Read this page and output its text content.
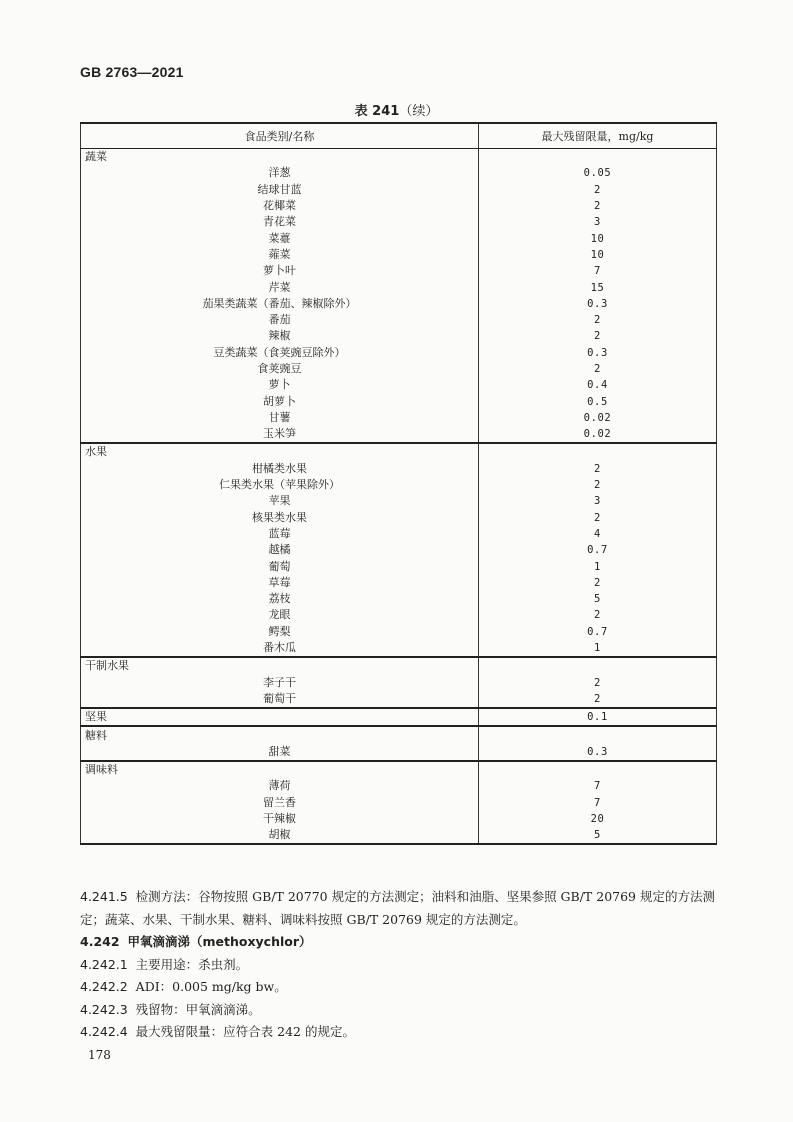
GB 2763—2021
表 241（续）
食品类别/名称	最大残留限量，mg/kg
蔬菜	
洋葱	0.05
结球甘蓝	2
花椰菜	2
青花菜	3
菜薹	10
蕹菜	10
萝卜叶	7
芹菜	15
茄果类蔬菜（番茄、辣椒除外）	0.3
番茄	2
辣椒	2
豆类蔬菜（食荚豌豆除外）	0.3
食荚豌豆	2
萝卜	0.4
胡萝卜	0.5
甘薯	0.02
玉米笋	0.02
水果	
柑橘类水果	2
仁果类水果（苹果除外）	2
苹果	3
核果类水果	2
蓝莓	4
越橘	0.7
葡萄	1
草莓	2
荔枝	5
龙眼	2
鳄梨	0.7
番木瓜	1
干制水果	
李子干	2
葡萄干	2
坚果	0.1
糖料	
甜菜	0.3
调味料	
薄荷	7
留兰香	7
干辣椒	20
胡椒	5

4.241.5 检测方法：谷物按照 GB/T 20770 规定的方法测定；油料和油脂、坚果参照 GB/T 20769 规定的方法测定；蔬菜、水果、干制水果、糖料、调味料按照 GB/T 20769 规定的方法测定。

4.242 甲氧滴滴涕（methoxychlor）

4.242.1 主要用途：杀虫剂。

4.242.2 ADI：0.005 mg/kg bw。

4.242.3 残留物：甲氧滴滴涕。

4.242.4 最大残留限量：应符合表 242 的规定。

178
